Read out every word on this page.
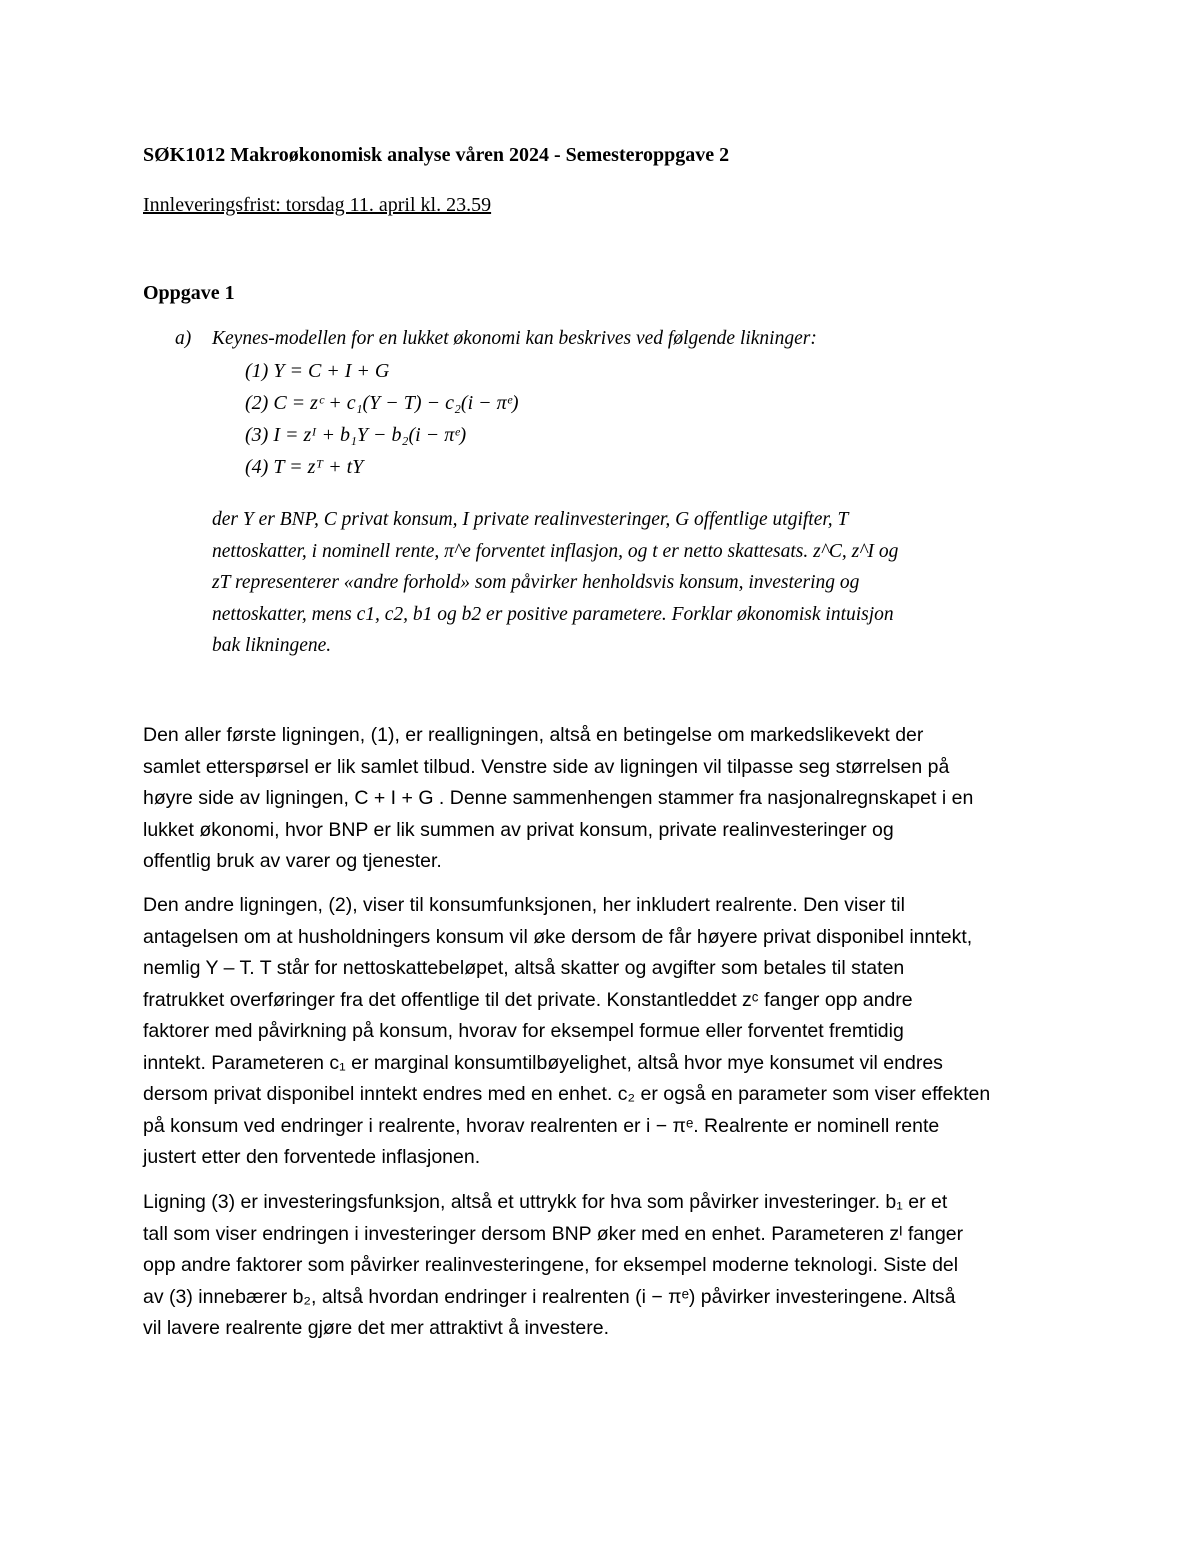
SØK1012 Makroøkonomisk analyse våren 2024 - Semesteroppgave 2
Innleveringsfrist: torsdag 11. april kl. 23.59
Oppgave 1
a) Keynes-modellen for en lukket økonomi kan beskrives ved følgende likninger:
(1) Y = C + I + G
(2) C = zᶜ + c₁(Y − T) − c₂(i − πᵉ)
(3) I = zᴵ + b₁Y − b₂(i − πᵉ)
(4) T = zᵀ + tY
der Y er BNP, C privat konsum, I private realinvesteringer, G offentlige utgifter, T
nettoskatter, i nominell rente, π^e forventet inflasjon, og t er netto skattesats. z^C, z^I og
zT representerer «andre forhold» som påvirker henholdsvis konsum, investering og
nettoskatter, mens c1, c2, b1 og b2 er positive parametere. Forklar økonomisk intuisjon
bak likningene.
Den aller første ligningen, (1), er realligningen, altså en betingelse om markedslikevekt der
samlet etterspørsel er lik samlet tilbud. Venstre side av ligningen vil tilpasse seg størrelsen på
høyre side av ligningen, C + I + G . Denne sammenhengen stammer fra nasjonalregnskapet i en
lukket økonomi, hvor BNP er lik summen av privat konsum, private realinvesteringer og
offentlig bruk av varer og tjenester.
Den andre ligningen, (2), viser til konsumfunksjonen, her inkludert realrente. Den viser til
antagelsen om at husholdningers konsum vil øke dersom de får høyere privat disponibel inntekt,
nemlig Y – T. T står for nettoskattebeløpet, altså skatter og avgifter som betales til staten
fratrukket overføringer fra det offentlige til det private. Konstantleddet zᶜ fanger opp andre
faktorer med påvirkning på konsum, hvorav for eksempel formue eller forventet fremtidig
inntekt. Parameteren c₁ er marginal konsumtilbøyelighet, altså hvor mye konsumet vil endres
dersom privat disponibel inntekt endres med en enhet. c₂ er også en parameter som viser effekten
på konsum ved endringer i realrente, hvorav realrenten er i − πᵉ. Realrente er nominell rente
justert etter den forventede inflasjonen.
Ligning (3) er investeringsfunksjon, altså et uttrykk for hva som påvirker investeringer. b₁ er et
tall som viser endringen i investeringer dersom BNP øker med en enhet. Parameteren zᴵ fanger
opp andre faktorer som påvirker realinvesteringene, for eksempel moderne teknologi. Siste del
av (3) innebærer b₂, altså hvordan endringer i realrenten (i − πᵉ) påvirker investeringene. Altså
vil lavere realrente gjøre det mer attraktivt å investere.
